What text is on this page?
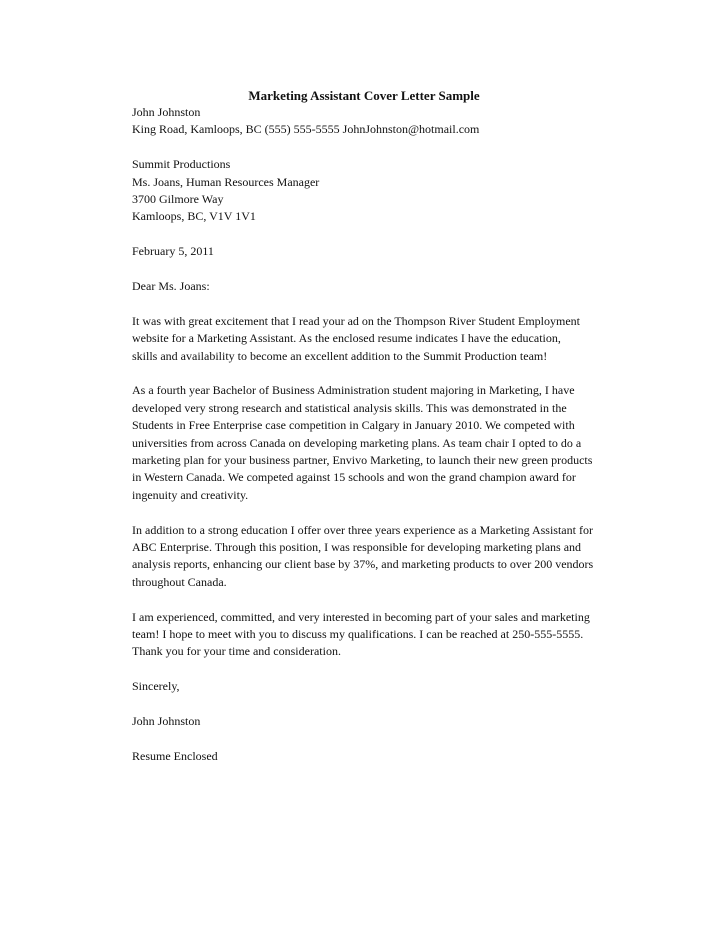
Marketing Assistant Cover Letter Sample
John Johnston
King Road, Kamloops, BC (555) 555-5555 JohnJohnston@hotmail.com
Summit Productions
Ms. Joans, Human Resources Manager
3700 Gilmore Way
Kamloops, BC, V1V 1V1
February 5, 2011
Dear Ms. Joans:
It was with great excitement that I read your ad on the Thompson River Student Employment
website for a Marketing Assistant. As the enclosed resume indicates I have the education,
skills and availability to become an excellent addition to the Summit Production team!
As a fourth year Bachelor of Business Administration student majoring in Marketing, I have
developed very strong research and statistical analysis skills. This was demonstrated in the
Students in Free Enterprise case competition in Calgary in January 2010. We competed with
universities from across Canada on developing marketing plans. As team chair I opted to do a
marketing plan for your business partner, Envivo Marketing, to launch their new green products
in Western Canada. We competed against 15 schools and won the grand champion award for
ingenuity and creativity.
In addition to a strong education I offer over three years experience as a Marketing Assistant for
ABC Enterprise. Through this position, I was responsible for developing marketing plans and
analysis reports, enhancing our client base by 37%, and marketing products to over 200 vendors
throughout Canada.
I am experienced, committed, and very interested in becoming part of your sales and marketing
team! I hope to meet with you to discuss my qualifications. I can be reached at 250-555-5555.
Thank you for your time and consideration.
Sincerely,
John Johnston
Resume Enclosed
